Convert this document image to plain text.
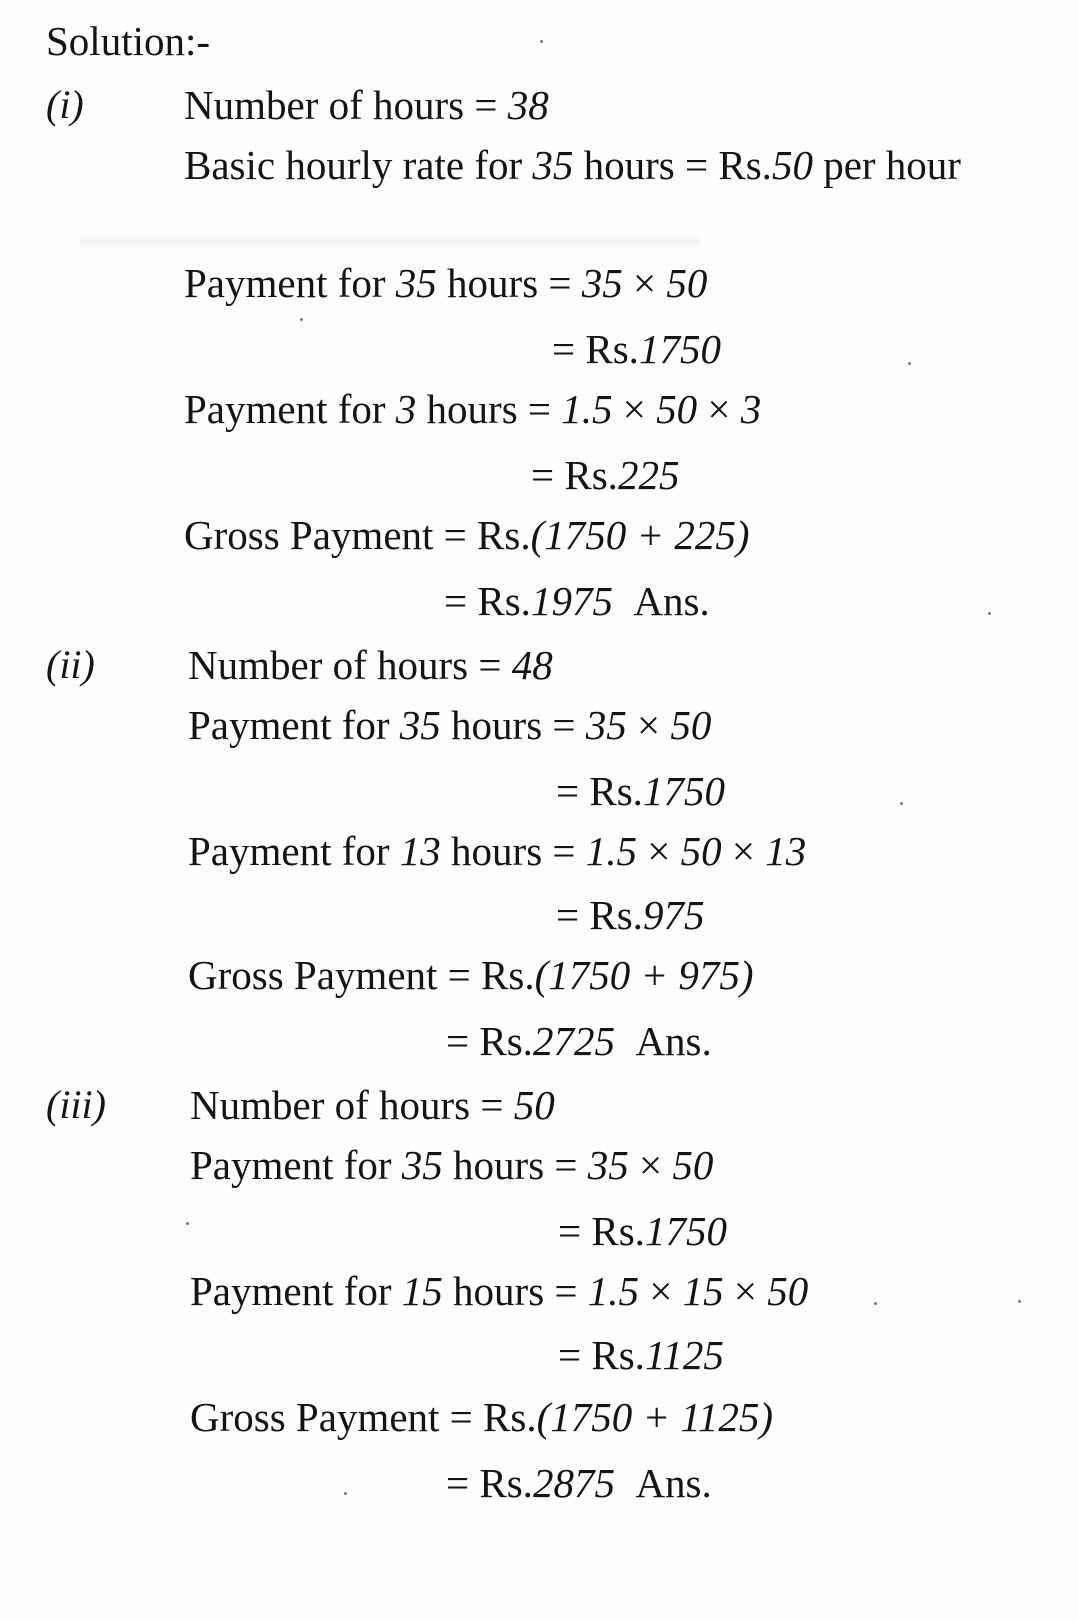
Solution:-
(i) Number of hours = 38
Basic hourly rate for 35 hours = Rs.50 per hour
Payment for 35 hours = 35 × 50
= Rs.1750
Payment for 3 hours = 1.5 × 50 × 3
= Rs.225
Gross Payment = Rs.(1750 + 225)
= Rs.1975  Ans.
(ii) Number of hours = 48
Payment for 35 hours = 35 × 50
= Rs.1750
Payment for 13 hours = 1.5 × 50 × 13
= Rs.975
Gross Payment = Rs.(1750 + 975)
= Rs.2725  Ans.
(iii) Number of hours = 50
Payment for 35 hours = 35 × 50
= Rs.1750
Payment for 15 hours = 1.5 × 15 × 50
= Rs.1125
Gross Payment = Rs.(1750 + 1125)
= Rs.2875  Ans.
